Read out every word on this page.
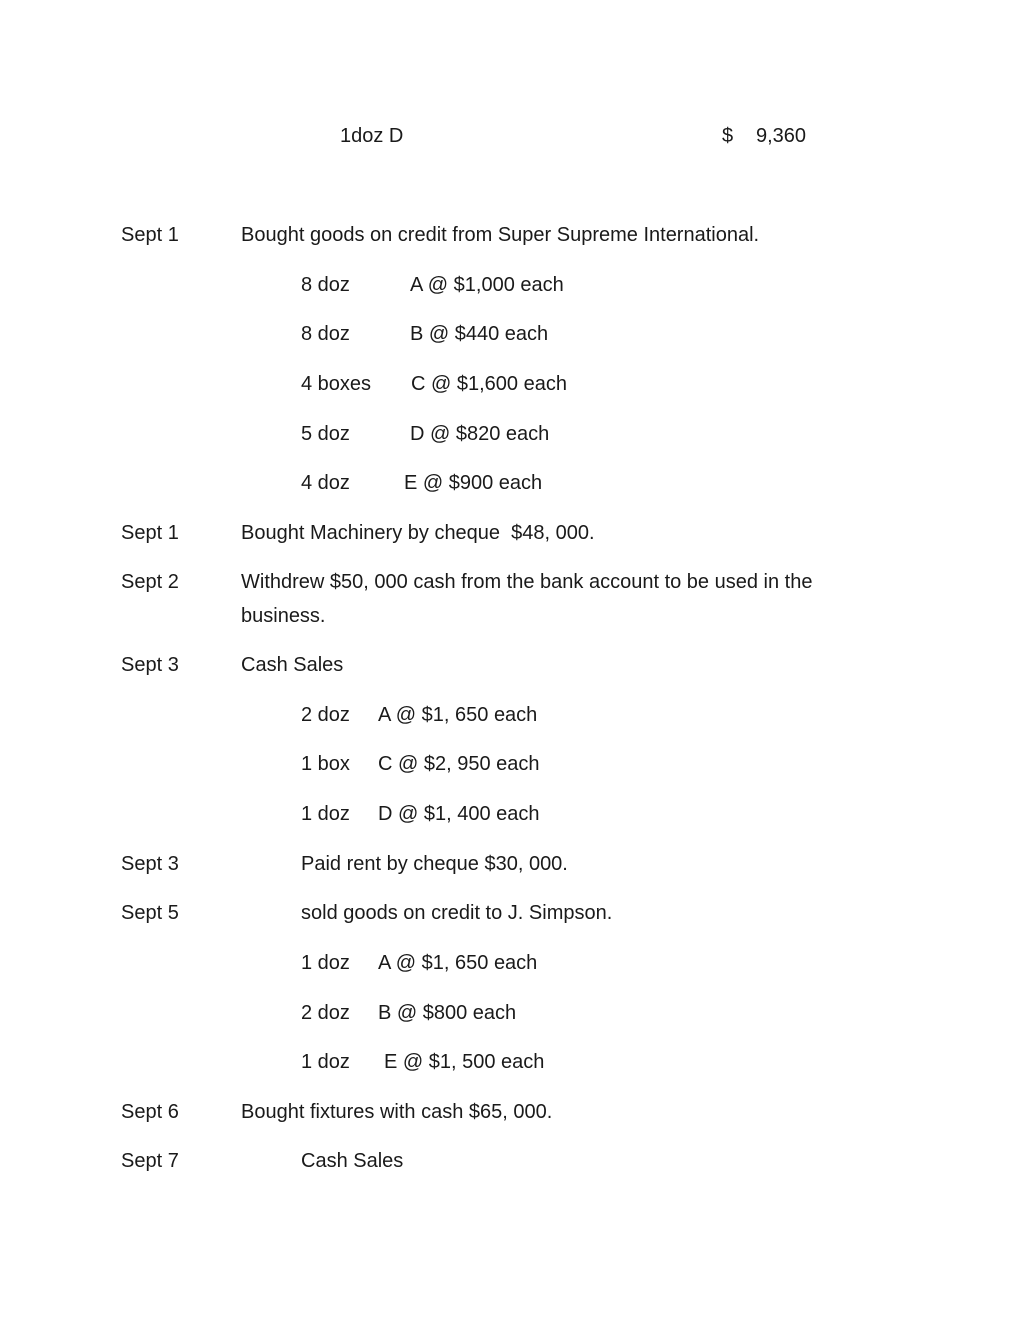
1doz D	$ 9,360
Sept 1	Bought goods on credit from Super Supreme International.
8 doz	A @ $1,000 each
8 doz	B @ $440 each
4 boxes C @ $1,600 each
5 doz	D @ $820 each
4 doz	E @ $900 each
Sept 1	Bought Machinery by cheque  $48, 000.
Sept 2	Withdrew $50, 000 cash from the bank account to be used in the
business.
Sept 3	Cash Sales
2 doz A @ $1, 650 each
1 box C @ $2, 950 each
1 doz D @ $1, 400 each
Sept 3	Paid rent by cheque $30, 000.
Sept 5	sold goods on credit to J. Simpson.
1 doz A @ $1, 650 each
2 doz B @ $800 each
1 doz E @ $1, 500 each
Sept 6	Bought fixtures with cash $65, 000.
Sept 7	Cash Sales
